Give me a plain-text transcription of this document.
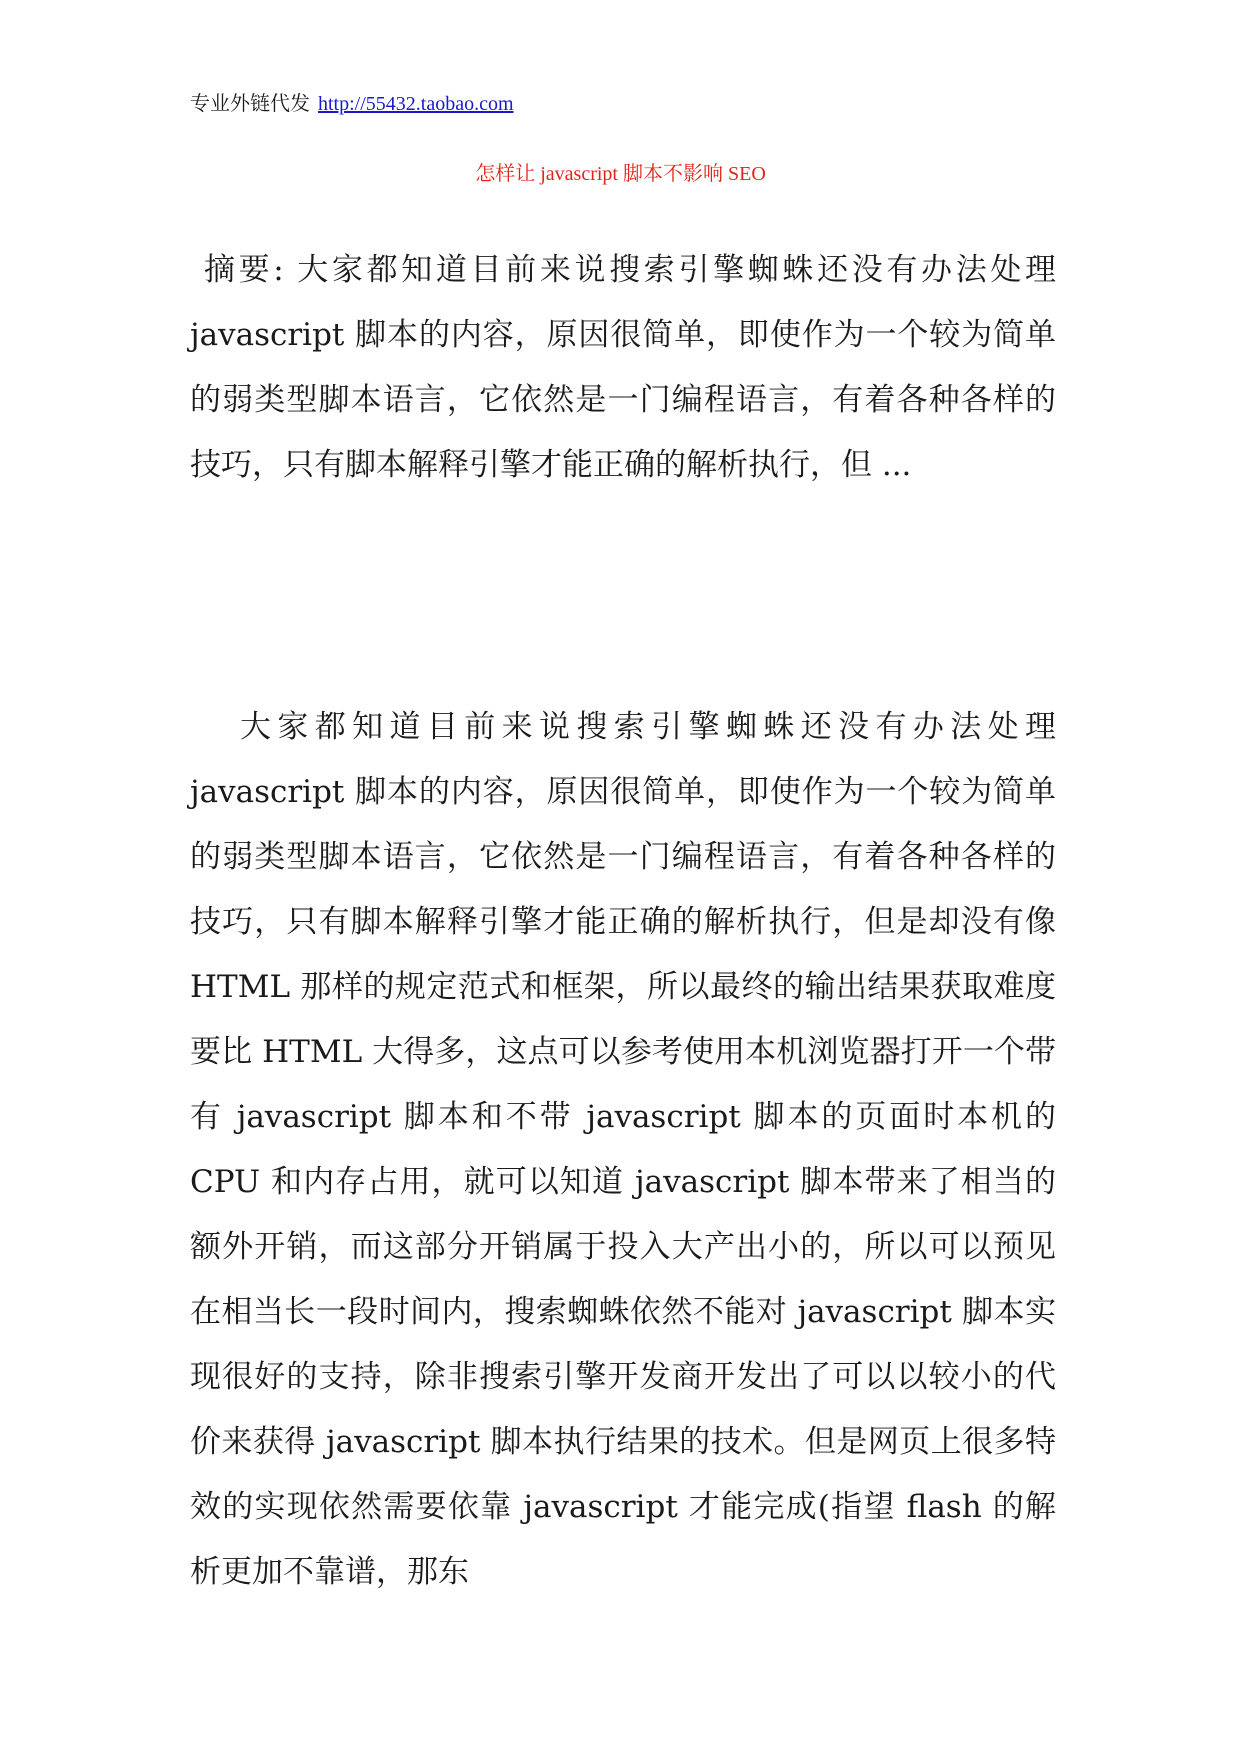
专业外链代发 http://55432.taobao.com
怎样让 javascript 脚本不影响 SEO
摘要: 大家都知道目前来说搜索引擎蜘蛛还没有办法处理 javascript 脚本的内容，原因很简单，即使作为一个较为简单的弱类型脚本语言，它依然是一门编程语言，有着各种各样的技巧，只有脚本解释引擎才能正确的解析执行，但 ...
大家都知道目前来说搜索引擎蜘蛛还没有办法处理 javascript 脚本的内容，原因很简单，即使作为一个较为简单的弱类型脚本语言，它依然是一门编程语言，有着各种各样的技巧，只有脚本解释引擎才能正确的解析执行，但是却没有像 HTML 那样的规定范式和框架，所以最终的输出结果获取难度要比 HTML 大得多，这点可以参考使用本机浏览器打开一个带有 javascript 脚本和不带 javascript 脚本的页面时本机的 CPU 和内存占用，就可以知道 javascript 脚本带来了相当的额外开销，而这部分开销属于投入大产出小的，所以可以预见在相当长一段时间内，搜索蜘蛛依然不能对 javascript 脚本实现很好的支持，除非搜索引擎开发商开发出了可以以较小的代价来获得 javascript 脚本执行结果的技术。但是网页上很多特效的实现依然需要依靠 javascript 才能完成(指望 flash 的解析更加不靠谱，那东
